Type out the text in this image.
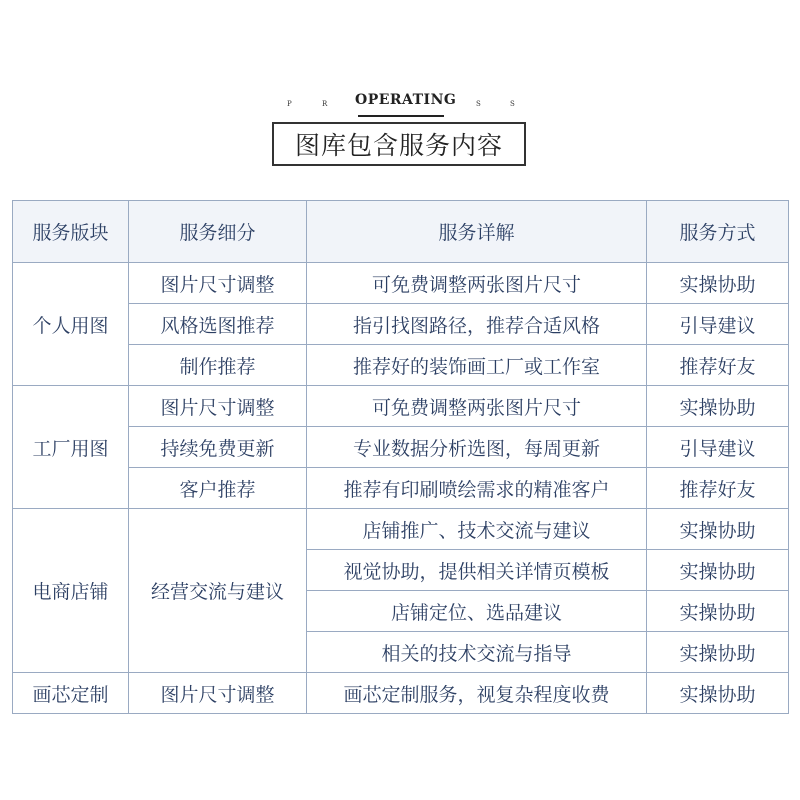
P	R OPERATING	S	S
图库包含服务内容
服务版块	服务细分	服务详解	服务方式
个人用图	图片尺寸调整	可免费调整两张图片尺寸	实操协助
	风格选图推荐	指引找图路径，推荐合适风格	引导建议
	制作推荐	推荐好的装饰画工厂或工作室	推荐好友
工厂用图	图片尺寸调整	可免费调整两张图片尺寸	实操协助
	持续免费更新	专业数据分析选图，每周更新	引导建议
	客户推荐	推荐有印刷喷绘需求的精准客户	推荐好友
电商店铺	经营交流与建议	店铺推广、技术交流与建议	实操协助
		视觉协助，提供相关详情页模板	实操协助
		店铺定位、选品建议	实操协助
		相关的技术交流与指导	实操协助
画芯定制	图片尺寸调整	画芯定制服务，视复杂程度收费	实操协助
